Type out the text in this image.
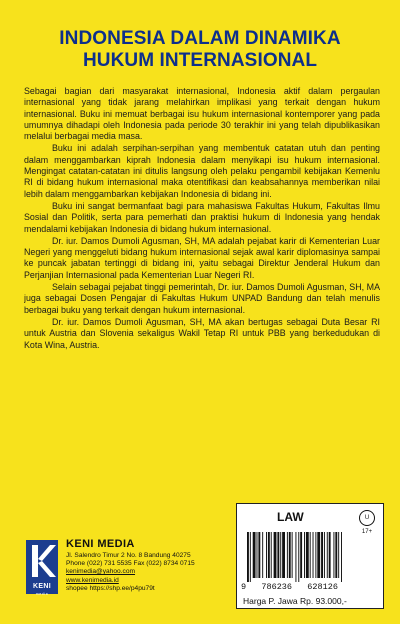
INDONESIA DALAM DINAMIKA
HUKUM INTERNASIONAL

Sebagai bagian dari masyarakat internasional, Indonesia aktif dalam pergaulan internasional yang tidak jarang melahirkan implikasi yang terkait dengan hukum internasional. Buku ini memuat berbagai isu hukum internasional kontemporer yang pada umumnya dihadapi oleh Indonesia pada periode 30 terakhir ini yang telah dipublikasikan melalui berbagai media masa.

Buku ini adalah serpihan-serpihan yang membentuk catatan utuh dan penting dalam menggambarkan kiprah Indonesia dalam menyikapi isu hukum internasional. Mengingat catatan-catatan ini ditulis langsung oleh pelaku pengambil kebijakan Kemenlu RI di bidang hukum internasional maka otentifikasi dan keabsahannya memberikan nilai lebih dalam menggambarkan kebijakan Indonesia di bidang ini.

Buku ini sangat bermanfaat bagi para mahasiswa Fakultas Hukum, Fakultas Ilmu Sosial dan Politik, serta para pemerhati dan praktisi hukum di Indonesia yang hendak mendalami kebijakan Indonesia di bidang hukum internasional.

Dr. iur. Damos Dumoli Agusman, SH, MA adalah pejabat karir di Kementerian Luar Negeri yang menggeluti bidang hukum internasional sejak awal karir diplomasinya sampai ke puncak jabatan tertinggi di bidang ini, yaitu sebagai Direktur Jenderal Hukum dan Perjanjian Internasional pada Kementerian Luar Negeri RI.

Selain sebagai pejabat tinggi pemerintah, Dr. iur. Damos Dumoli Agusman, SH, MA juga sebagai Dosen Pengajar di Fakultas Hukum UNPAD Bandung dan telah menulis berbagai buku yang terkait dengan hukum internasional.

Dr. iur. Damos Dumoli Agusman, SH, MA akan bertugas sebagai Duta Besar RI untuk Austria dan Slovenia sekaligus Wakil Tetap RI untuk PBB yang berkedudukan di Kota Wina, Austria.

KENI
media
KENI MEDIA
Jl. Salendro Timur 2 No. 8 Bandung 40275
Phone (022) 731 5535 Fax (022) 8734 0715
kenimedia@yahoo.com
www.kenimedia.id
shopee https://shp.ee/p4pu79t
LAW	U 17+
9   786236   628126
Harga P. Jawa Rp. 93.000,-
